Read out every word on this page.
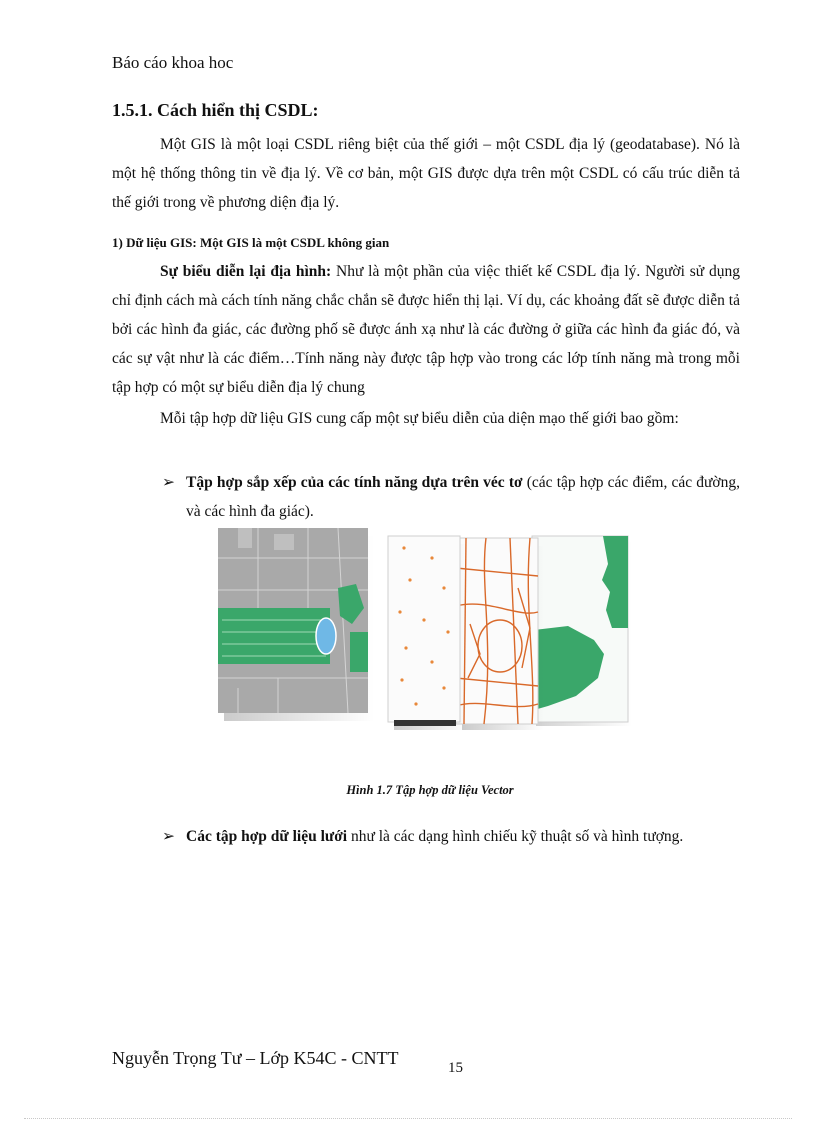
Báo cáo khoa hoc
1.5.1. Cách hiển thị CSDL:
Một GIS là một loại CSDL riêng biệt của thế giới – một CSDL địa lý (geodatabase). Nó là một hệ thống thông tin về địa lý. Về cơ bản, một GIS được dựa trên một CSDL có cấu trúc diễn tả thế giới trong về phương diện địa lý.
1) Dữ liệu GIS: Một GIS là một CSDL không gian
Sự biểu diễn lại địa hình: Như là một phần của việc thiết kế CSDL địa lý. Người sử dụng chỉ định cách mà cách tính năng chắc chắn sẽ được hiển thị lại. Ví dụ, các khoảng đất sẽ được diễn tả bởi các hình đa giác, các đường phố sẽ được ánh xạ như là các đường ở giữa các hình đa giác đó, và các sự vật như là các điểm…Tính năng này được tập hợp vào trong các lớp tính năng mà trong mỗi tập hợp có một sự biểu diễn địa lý chung
Mỗi tập hợp dữ liệu GIS cung cấp một sự biểu diễn của diện mạo thế giới bao gồm:
➢ Tập hợp sắp xếp của các tính năng dựa trên véc tơ (các tập hợp các điểm, các đường, và các hình đa giác).
Hình 1.7 Tập hợp dữ liệu Vector
➢ Các tập hợp dữ liệu lưới như là các dạng hình chiếu kỹ thuật số và hình tượng.
Nguyễn Trọng Tư – Lớp K54C - CNTT	15
